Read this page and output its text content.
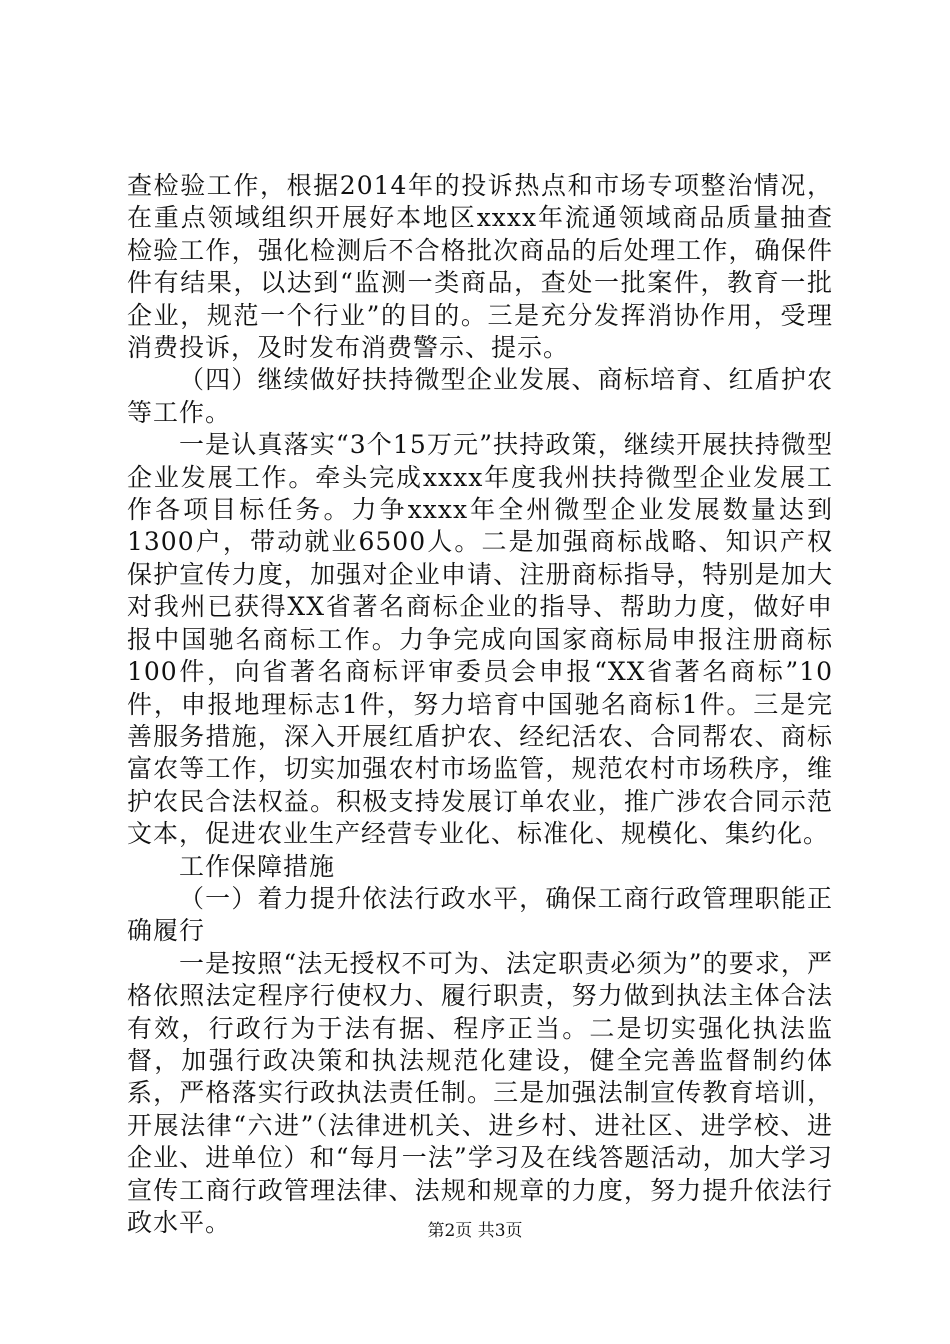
查检验工作，根据2014年的投诉热点和市场专项整治情况，在重点领域组织开展好本地区xxxx年流通领域商品质量抽查检验工作，强化检测后不合格批次商品的后处理工作，确保件件有结果，以达到“监测一类商品，查处一批案件，教育一批企业，规范一个行业”的目的。三是充分发挥消协作用，受理消费投诉，及时发布消费警示、提示。

（四）继续做好扶持微型企业发展、商标培育、红盾护农等工作。

一是认真落实“3个15万元”扶持政策，继续开展扶持微型企业发展工作。牵头完成xxxx年度我州扶持微型企业发展工作各项目标任务。力争xxxx年全州微型企业发展数量达到1300户，带动就业6500人。二是加强商标战略、知识产权保护宣传力度，加强对企业申请、注册商标指导，特别是加大对我州已获得XX省著名商标企业的指导、帮助力度，做好申报中国驰名商标工作。力争完成向国家商标局申报注册商标100件，向省著名商标评审委员会申报“XX省著名商标”10件，申报地理标志1件，努力培育中国驰名商标1件。三是完善服务措施，深入开展红盾护农、经纪活农、合同帮农、商标富农等工作，切实加强农村市场监管，规范农村市场秩序，维护农民合法权益。积极支持发展订单农业，推广涉农合同示范文本，促进农业生产经营专业化、标准化、规模化、集约化。

工作保障措施

（一）着力提升依法行政水平，确保工商行政管理职能正确履行

一是按照“法无授权不可为、法定职责必须为”的要求，严格依照法定程序行使权力、履行职责，努力做到执法主体合法有效，行政行为于法有据、程序正当。二是切实强化执法监督，加强行政决策和执法规范化建设，健全完善监督制约体系，严格落实行政执法责任制。三是加强法制宣传教育培训，开展法律“六进”（法律进机关、进乡村、进社区、进学校、进企业、进单位）和“每月一法”学习及在线答题活动，加大学习宣传工商行政管理法律、法规和规章的力度，努力提升依法行政水平。	第2页 共3页
